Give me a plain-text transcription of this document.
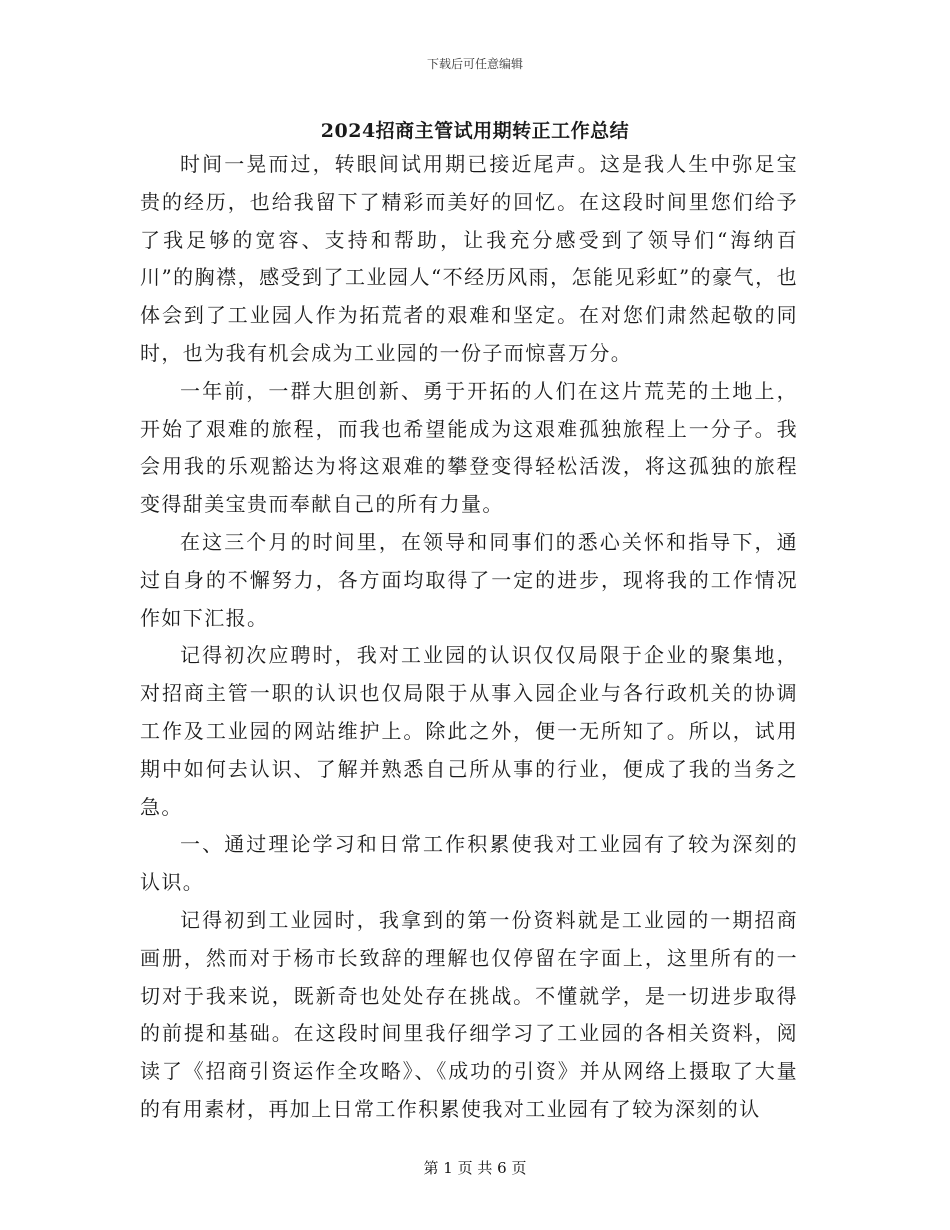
下载后可任意编辑
2024招商主管试用期转正工作总结

时间一晃而过，转眼间试用期已接近尾声。这是我人生中弥足宝贵的经历，也给我留下了精彩而美好的回忆。在这段时间里您们给予了我足够的宽容、支持和帮助，让我充分感受到了领导们“海纳百川”的胸襟，感受到了工业园人“不经历风雨，怎能见彩虹”的豪气，也体会到了工业园人作为拓荒者的艰难和坚定。在对您们肃然起敬的同时，也为我有机会成为工业园的一份子而惊喜万分。

一年前，一群大胆创新、勇于开拓的人们在这片荒芜的土地上，开始了艰难的旅程，而我也希望能成为这艰难孤独旅程上一分子。我会用我的乐观豁达为将这艰难的攀登变得轻松活泼，将这孤独的旅程变得甜美宝贵而奉献自己的所有力量。

在这三个月的时间里，在领导和同事们的悉心关怀和指导下，通过自身的不懈努力，各方面均取得了一定的进步，现将我的工作情况作如下汇报。

记得初次应聘时，我对工业园的认识仅仅局限于企业的聚集地，对招商主管一职的认识也仅局限于从事入园企业与各行政机关的协调工作及工业园的网站维护上。除此之外，便一无所知了。所以，试用期中如何去认识、了解并熟悉自己所从事的行业，便成了我的当务之急。

一、通过理论学习和日常工作积累使我对工业园有了较为深刻的认识。

记得初到工业园时，我拿到的第一份资料就是工业园的一期招商画册，然而对于杨市长致辞的理解也仅停留在字面上，这里所有的一切对于我来说，既新奇也处处存在挑战。不懂就学，是一切进步取得的前提和基础。在这段时间里我仔细学习了工业园的各相关资料，阅读了《招商引资运作全攻略》、《成功的引资》并从网络上摄取了大量的有用素材，再加上日常工作积累使我对工业园有了较为深刻的认

第 1 页 共 6 页
